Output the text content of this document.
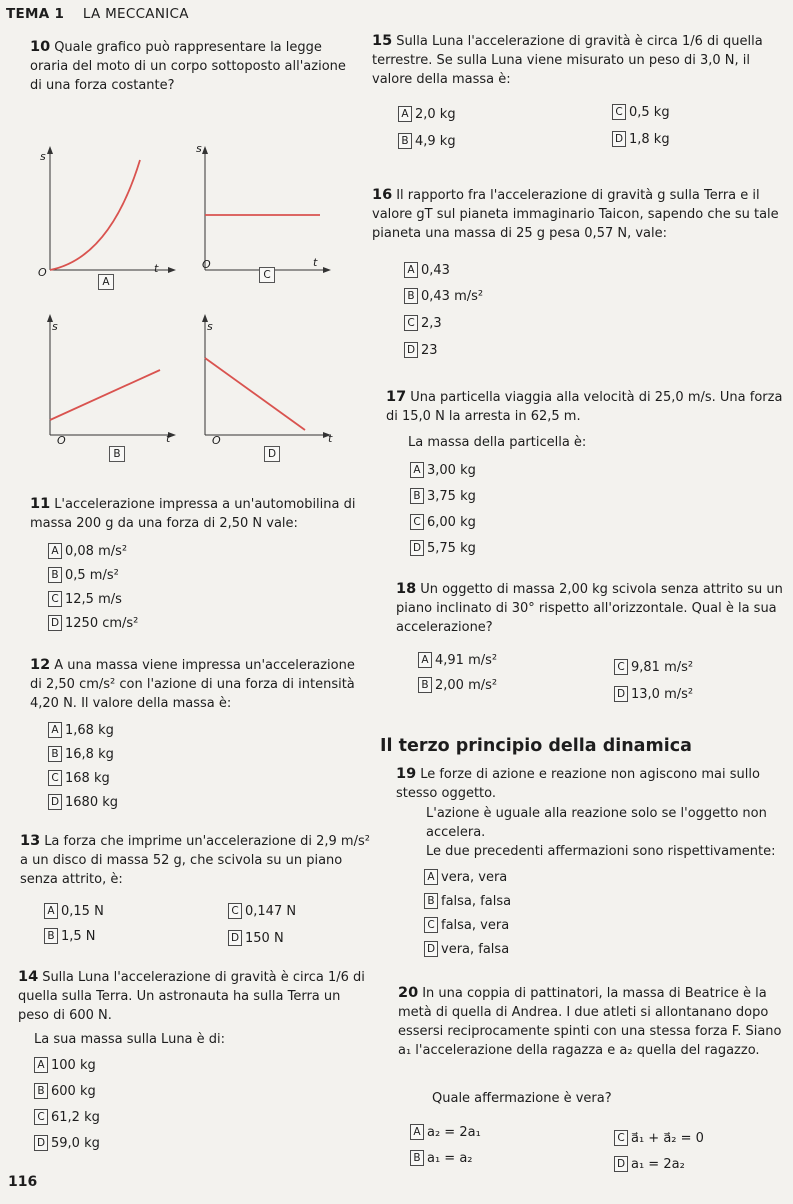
TEMA 1 LA MECCANICA
10 Quale grafico può rappresentare la legge oraria del moto di un corpo sottoposto all'azione di una forza costante?
s
t
O
A
s
t
O
C
s
t
O
B
s
t
O
D
11 L'accelerazione impressa a un'automobilina di massa 200 g da una forza di 2,50 N vale:
A 0,08 m/s²
B 0,5 m/s²
C 12,5 m/s
D 1250 cm/s²
12 A una massa viene impressa un'accelerazione di 2,50 cm/s² con l'azione di una forza di intensità 4,20 N. Il valore della massa è:
A 1,68 kg
B 16,8 kg
C 168 kg
D 1680 kg
13 La forza che imprime un'accelerazione di 2,9 m/s² a un disco di massa 52 g, che scivola su un piano senza attrito, è:
A 0,15 N	C 0,147 N
B 1,5 N	D 150 N
14 Sulla Luna l'accelerazione di gravità è circa 1/6 di quella sulla Terra. Un astronauta ha sulla Terra un peso di 600 N.
La sua massa sulla Luna è di:
A 100 kg
B 600 kg
C 61,2 kg
D 59,0 kg
116
15 Sulla Luna l'accelerazione di gravità è circa 1/6 di quella terrestre. Se sulla Luna viene misurato un peso di 3,0 N, il valore della massa è:
A 2,0 kg	C 0,5 kg
B 4,9 kg	D 1,8 kg
16 Il rapporto fra l'accelerazione di gravità g sulla Terra e il valore gT sul pianeta immaginario Taicon, sapendo che su tale pianeta una massa di 25 g pesa 0,57 N, vale:
A 0,43
B 0,43 m/s²
C 2,3
D 23
17 Una particella viaggia alla velocità di 25,0 m/s. Una forza di 15,0 N la arresta in 62,5 m.
La massa della particella è:
A 3,00 kg
B 3,75 kg
C 6,00 kg
D 5,75 kg
18 Un oggetto di massa 2,00 kg scivola senza attrito su un piano inclinato di 30° rispetto all'orizzontale. Qual è la sua accelerazione?
A 4,91 m/s²	C 9,81 m/s²
B 2,00 m/s²
D 13,0 m/s²
Il terzo principio della dinamica
19 Le forze di azione e reazione non agiscono mai sullo stesso oggetto.
L'azione è uguale alla reazione solo se l'oggetto non accelera.
Le due precedenti affermazioni sono rispettivamente:
A vera, vera
B falsa, falsa
C falsa, vera
D vera, falsa
20 In una coppia di pattinatori, la massa di Beatrice è la metà di quella di Andrea. I due atleti si allontanano dopo essersi reciprocamente spinti con una stessa forza F. Siano a₁ l'accelerazione della ragazza e a₂ quella del ragazzo.
Quale affermazione è vera?
A a₂ = 2a₁	C a⃗₁ + a⃗₂ = 0
B a₁ = a₂	D a₁ = 2a₂
